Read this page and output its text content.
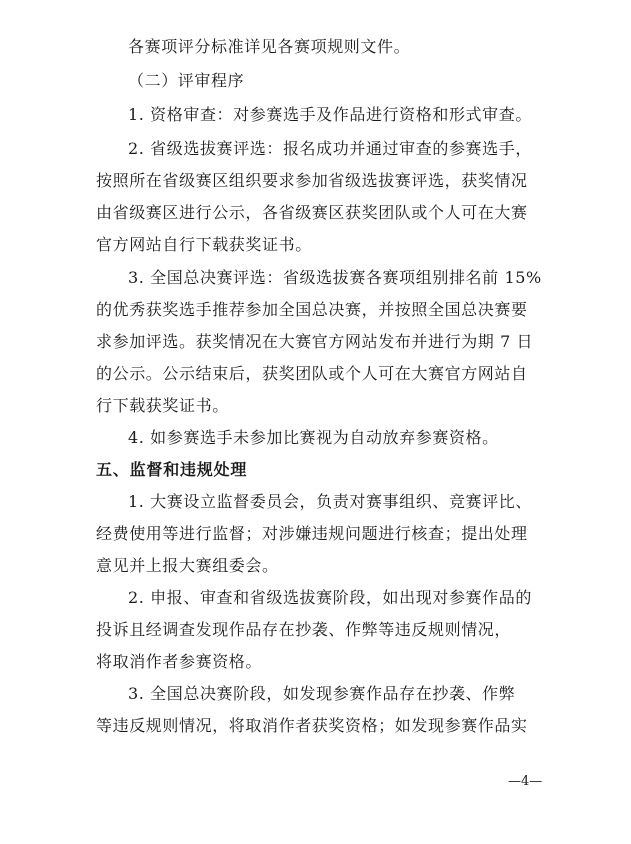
各赛项评分标准详见各赛项规则文件。
（二）评审程序
1. 资格审查：对参赛选手及作品进行资格和形式审查。
2. 省级选拔赛评选：报名成功并通过审查的参赛选手，
按照所在省级赛区组织要求参加省级选拔赛评选，获奖情况
由省级赛区进行公示，各省级赛区获奖团队或个人可在大赛
官方网站自行下载获奖证书。
3. 全国总决赛评选：省级选拔赛各赛项组别排名前 15%
的优秀获奖选手推荐参加全国总决赛，并按照全国总决赛要
求参加评选。获奖情况在大赛官方网站发布并进行为期 7 日
的公示。公示结束后，获奖团队或个人可在大赛官方网站自
行下载获奖证书。
4. 如参赛选手未参加比赛视为自动放弃参赛资格。
五、监督和违规处理
1. 大赛设立监督委员会，负责对赛事组织、竞赛评比、
经费使用等进行监督；对涉嫌违规问题进行核查；提出处理
意见并上报大赛组委会。
2. 申报、审查和省级选拔赛阶段，如出现对参赛作品的
投诉且经调查发现作品存在抄袭、作弊等违反规则情况，
将取消作者参赛资格。
3. 全国总决赛阶段，如发现参赛作品存在抄袭、作弊
等违反规则情况，将取消作者获奖资格；如发现参赛作品实
—4—
